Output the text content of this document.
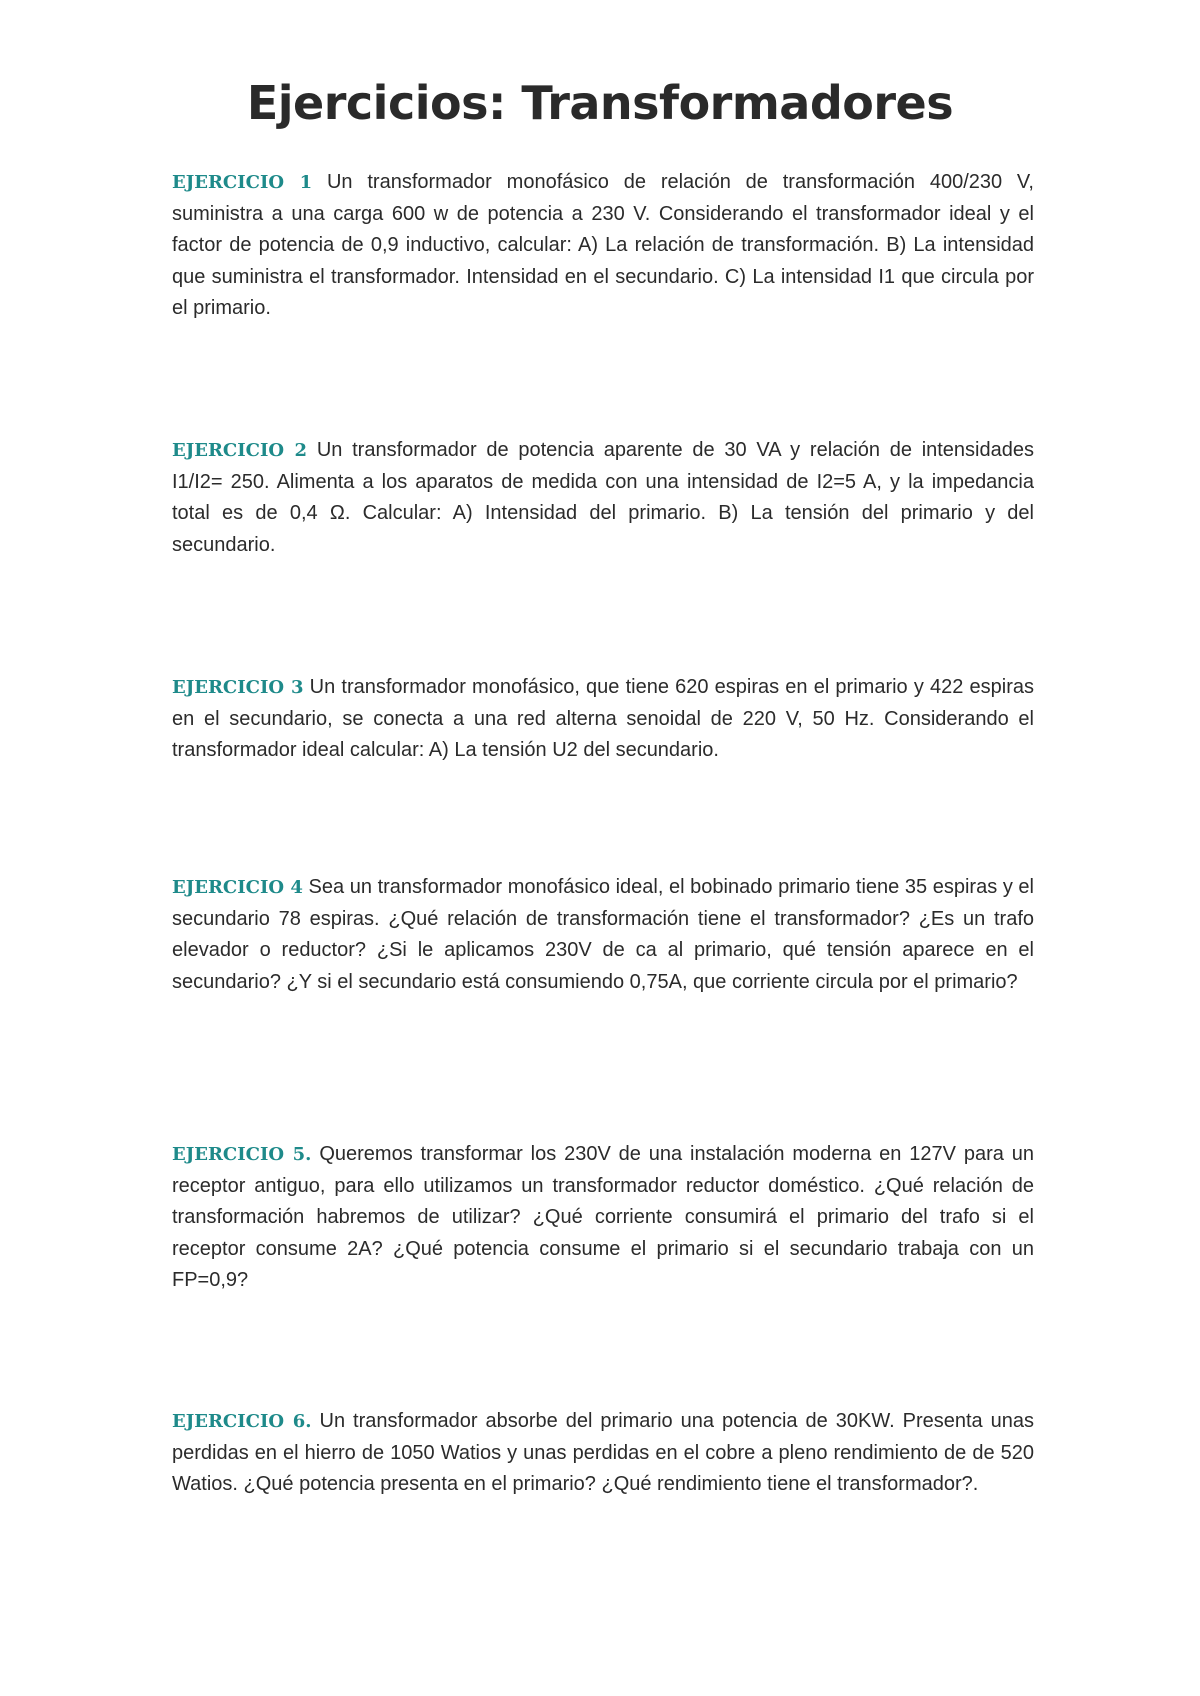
Ejercicios: Transformadores

EJERCICIO 1 Un transformador monofásico de relación de transformación 400/230 V, suministra a una carga 600 w de potencia a 230 V. Considerando el transformador ideal y el factor de potencia de 0,9 inductivo, calcular: A) La relación de transformación. B) La intensidad que suministra el transformador. Intensidad en el secundario. C) La intensidad I1 que circula por el primario.

EJERCICIO 2 Un transformador de potencia aparente de 30 VA y relación de intensidades I1/I2= 250. Alimenta a los aparatos de medida con una intensidad de I2=5 A, y la impedancia total es de 0,4 Ω. Calcular: A) Intensidad del primario. B) La tensión del primario y del secundario.

EJERCICIO 3 Un transformador monofásico, que tiene 620 espiras en el primario y 422 espiras en el secundario, se conecta a una red alterna senoidal de 220 V, 50 Hz. Considerando el transformador ideal calcular: A) La tensión U2 del secundario.

EJERCICIO 4 Sea un transformador monofásico ideal, el bobinado primario tiene 35 espiras y el secundario 78 espiras. ¿Qué relación de transformación tiene el transformador? ¿Es un trafo elevador o reductor? ¿Si le aplicamos 230V de ca al primario, qué tensión aparece en el secundario? ¿Y si el secundario está consumiendo 0,75A, que corriente circula por el primario?

EJERCICIO 5. Queremos transformar los 230V de una instalación moderna en 127V para un receptor antiguo, para ello utilizamos un transformador reductor doméstico. ¿Qué relación de transformación habremos de utilizar? ¿Qué corriente consumirá el primario del trafo si el receptor consume 2A? ¿Qué potencia consume el primario si el secundario trabaja con un FP=0,9?

EJERCICIO 6. Un transformador absorbe del primario una potencia de 30KW. Presenta unas perdidas en el hierro de 1050 Watios y unas perdidas en el cobre a pleno rendimiento de de 520 Watios. ¿Qué potencia presenta en el primario? ¿Qué rendimiento tiene el transformador?.
